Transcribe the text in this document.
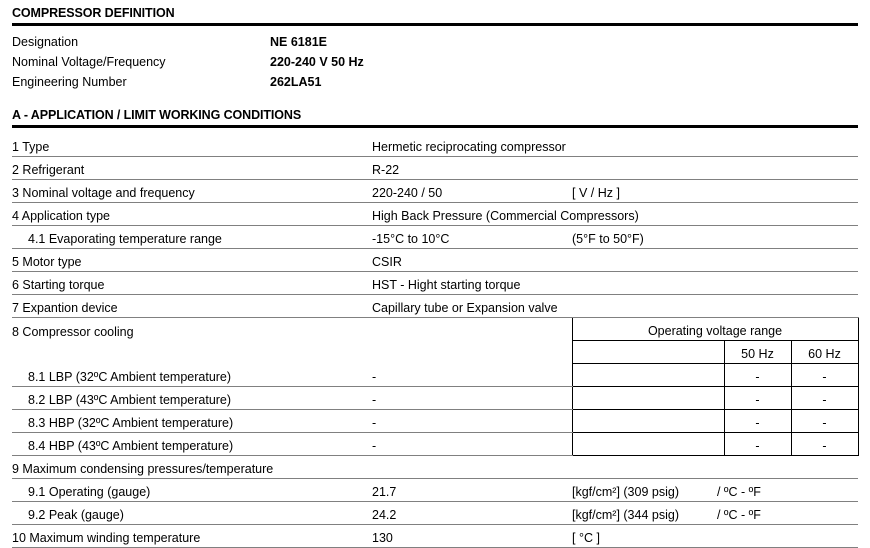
COMPRESSOR DEFINITION
Designation	NE 6181E
Nominal Voltage/Frequency	220-240 V 50 Hz
Engineering Number	262LA51
A - APPLICATION / LIMIT WORKING CONDITIONS
1 Type	Hermetic reciprocating compressor			
2 Refrigerant	R-22			
3 Nominal voltage and frequency	220-240 / 50	[ V / Hz ]		
4 Application type	High Back Pressure (Commercial Compressors)			
4.1 Evaporating temperature range	-15°C to 10°C	(5°F to 50°F)		
5 Motor type	CSIR			
6 Starting torque	HST - Hight starting torque			
7 Expantion device	Capillary tube or Expansion valve			
8 Compressor cooling		Operating voltage range		
			50 Hz	60 Hz
8.1 LBP (32ºC Ambient temperature)	-		-	-
8.2 LBP (43ºC Ambient temperature)	-		-	-
8.3 HBP (32ºC Ambient temperature)	-		-	-
8.4 HBP (43ºC Ambient temperature)	-		-	-
9 Maximum condensing pressures/temperature				
9.1 Operating (gauge)	21.7	[kgf/cm²] (309 psig) / ºC - ºF		
9.2 Peak (gauge)	24.2	[kgf/cm²] (344 psig) / ºC - ºF		
10 Maximum winding temperature	130	[ °C ]		
